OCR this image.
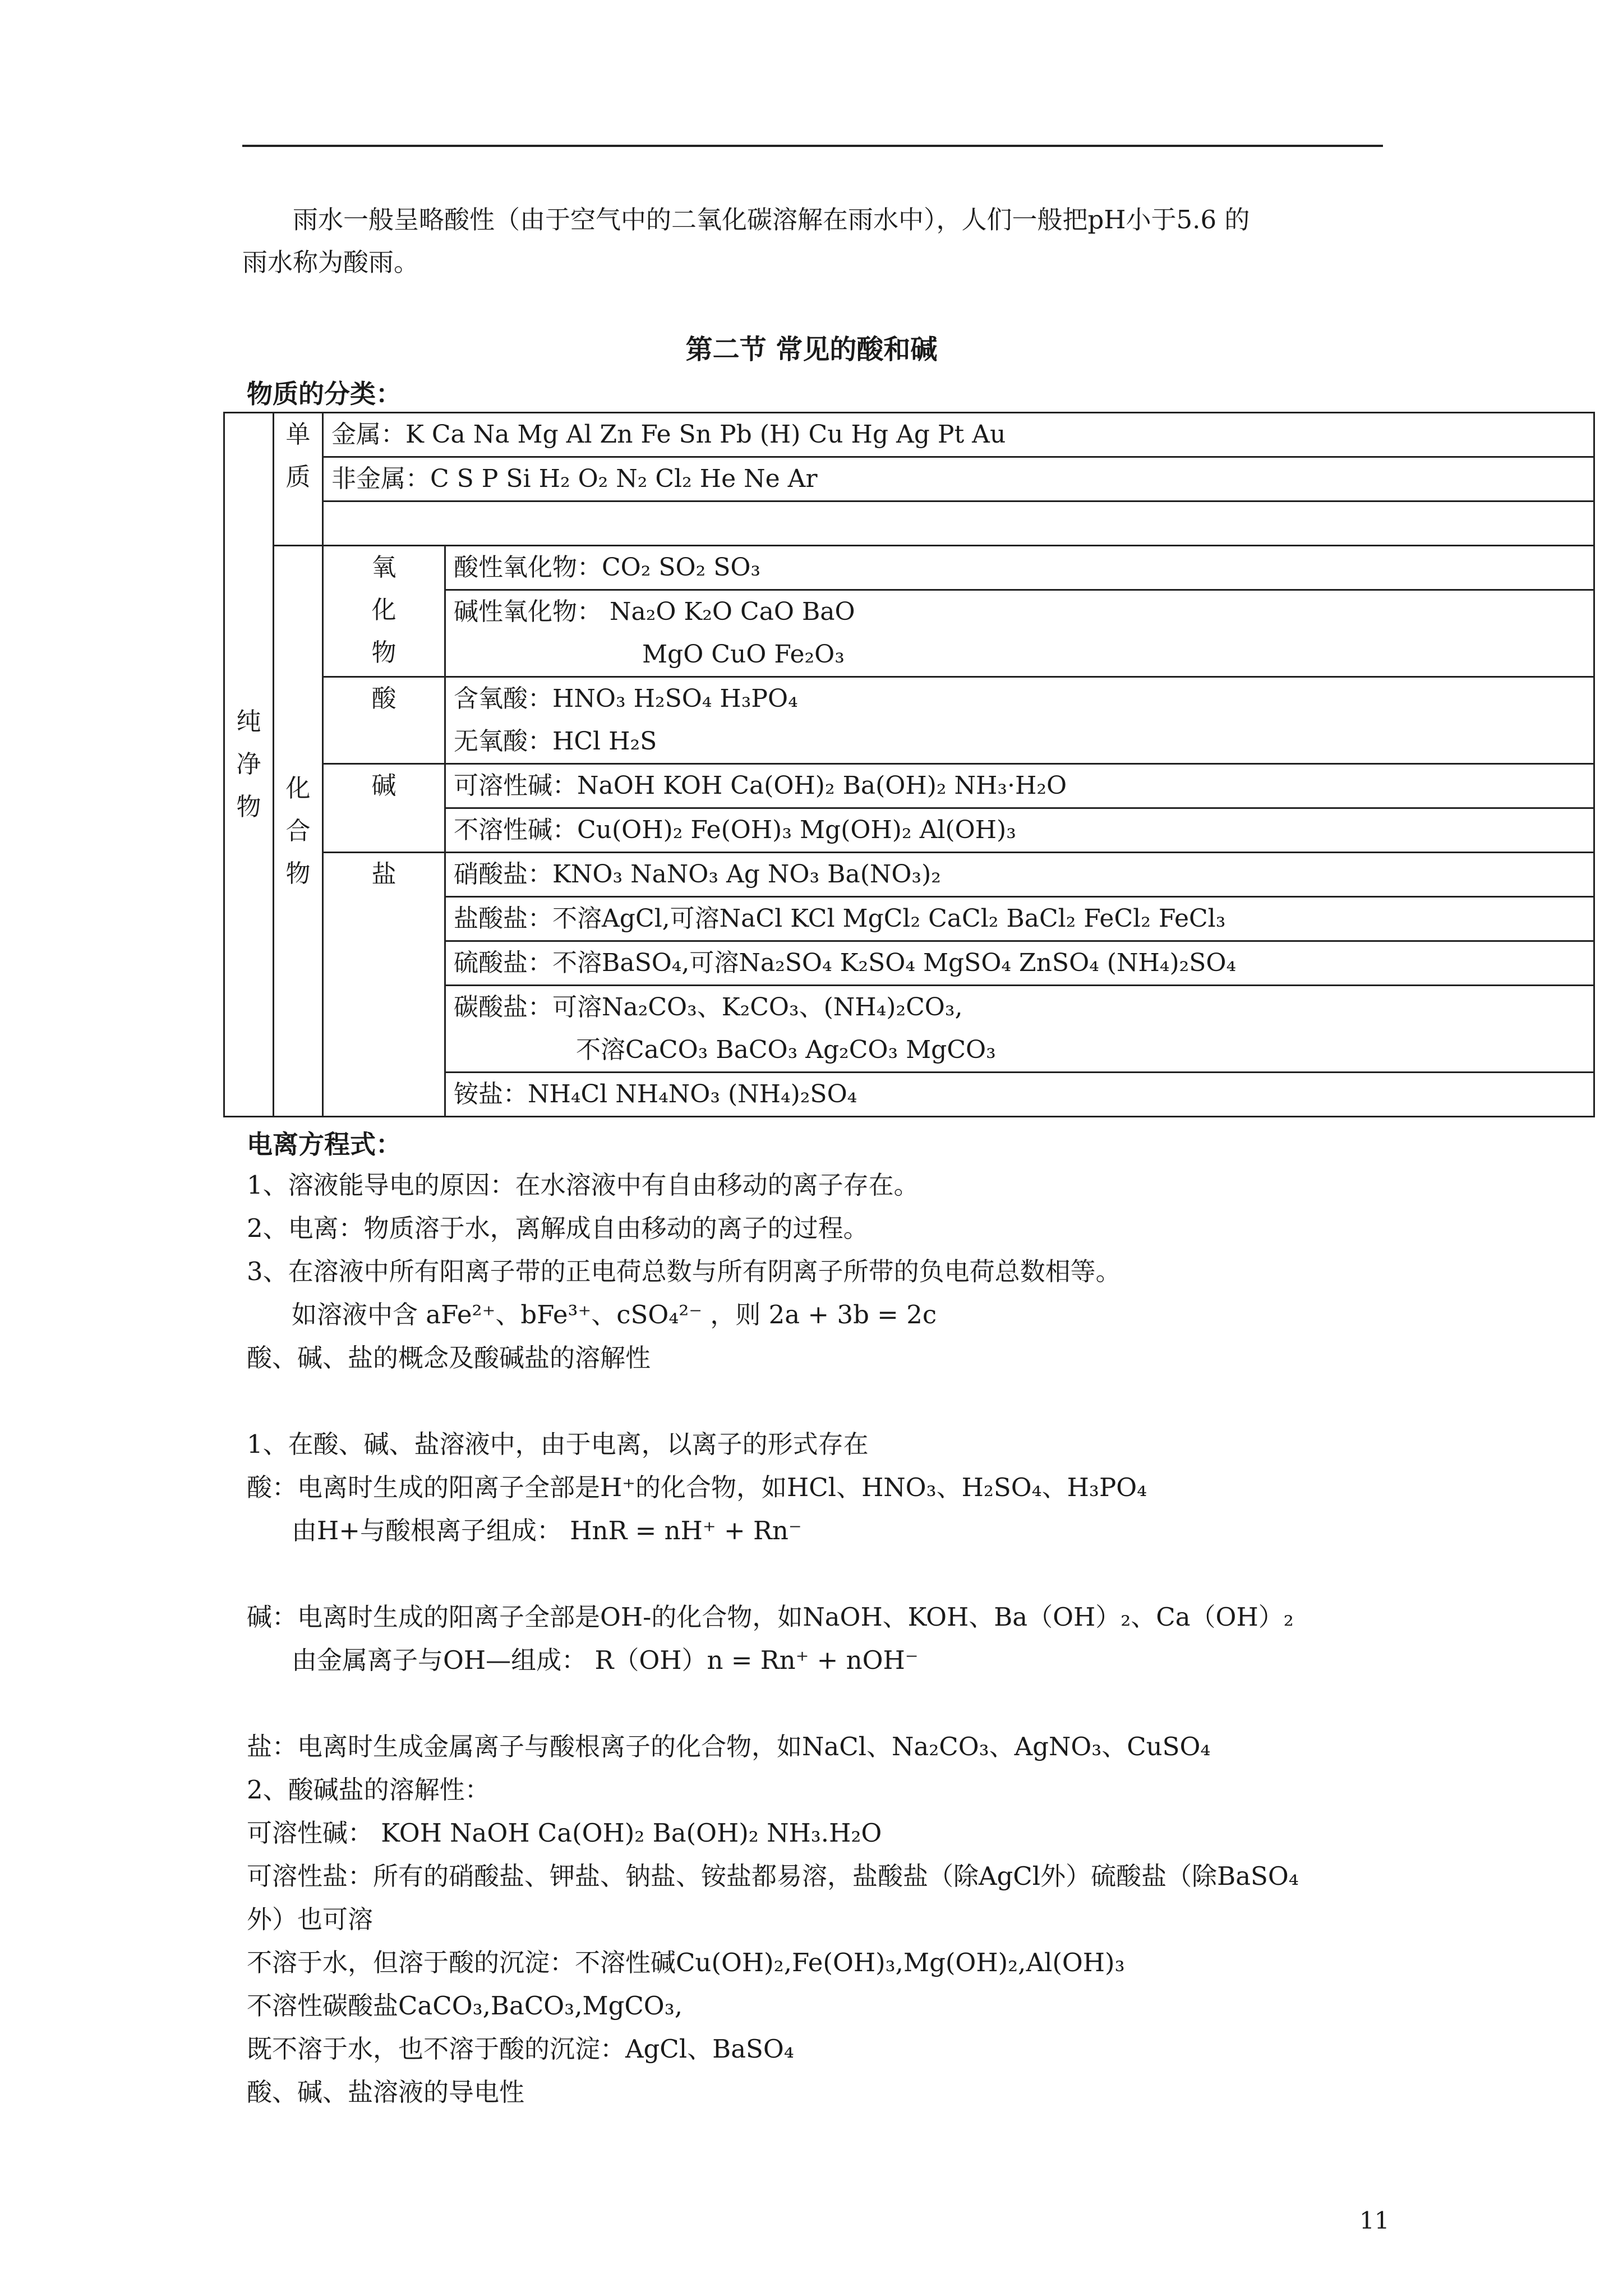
雨水一般呈略酸性（由于空气中的二氧化碳溶解在雨水中），人们一般把pH小于5.6 的
雨水称为酸雨。
第二节 常见的酸和碱
物质的分类：
纯净物	单质	金属：K Ca Na Mg Al Zn Fe Sn Pb (H) Cu Hg Ag Pt Au	
		非金属：C S P Si H₂ O₂ N₂ Cl₂ He Ne Ar	

	化合物	氧化物	酸性氧化物：CO₂ SO₂ SO₃
			碱性氧化物： Na₂O K₂O CaO BaO
			MgO CuO Fe₂O₃

		酸	含氧酸：HNO₃ H₂SO₄ H₃PO₄
			无氧酸：HCl H₂S

		碱	可溶性碱：NaOH KOH Ca(OH)₂ Ba(OH)₂ NH₃·H₂O
			不溶性碱：Cu(OH)₂ Fe(OH)₃ Mg(OH)₂ Al(OH)₃

		盐	硝酸盐：KNO₃ NaNO₃ Ag NO₃ Ba(NO₃)₂
			盐酸盐：不溶AgCl,可溶NaCl KCl MgCl₂ CaCl₂ BaCl₂ FeCl₂ FeCl₃
			硫酸盐：不溶BaSO₄,可溶Na₂SO₄ K₂SO₄ MgSO₄ ZnSO₄ (NH₄)₂SO₄
			碳酸盐：可溶Na₂CO₃、K₂CO₃、(NH₄)₂CO₃,
			不溶CaCO₃ BaCO₃ Ag₂CO₃ MgCO₃
			铵盐：NH₄Cl NH₄NO₃ (NH₄)₂SO₄
电离方程式：
1、溶液能导电的原因：在水溶液中有自由移动的离子存在。
2、电离：物质溶于水，离解成自由移动的离子的过程。
3、在溶液中所有阳离子带的正电荷总数与所有阴离子所带的负电荷总数相等。
如溶液中含 aFe²⁺、bFe³⁺、cSO₄²⁻ ，则 2a + 3b = 2c
酸、碱、盐的概念及酸碱盐的溶解性
1、在酸、碱、盐溶液中，由于电离，以离子的形式存在
酸：电离时生成的阳离子全部是H⁺的化合物，如HCl、HNO₃、H₂SO₄、H₃PO₄
由H+与酸根离子组成： HnR = nH⁺ + Rn⁻
碱：电离时生成的阳离子全部是OH-的化合物，如NaOH、KOH、Ba（OH）₂、Ca（OH）₂
由金属离子与OH—组成： R（OH）n = Rn⁺ + nOH⁻
盐：电离时生成金属离子与酸根离子的化合物，如NaCl、Na₂CO₃、AgNO₃、CuSO₄
2、酸碱盐的溶解性：
可溶性碱： KOH NaOH Ca(OH)₂ Ba(OH)₂ NH₃.H₂O
可溶性盐：所有的硝酸盐、钾盐、钠盐、铵盐都易溶，盐酸盐（除AgCl外）硫酸盐（除BaSO₄
外）也可溶
不溶于水，但溶于酸的沉淀：不溶性碱Cu(OH)₂,Fe(OH)₃,Mg(OH)₂,Al(OH)₃
不溶性碳酸盐CaCO₃,BaCO₃,MgCO₃,
既不溶于水，也不溶于酸的沉淀：AgCl、BaSO₄
酸、碱、盐溶液的导电性
11
